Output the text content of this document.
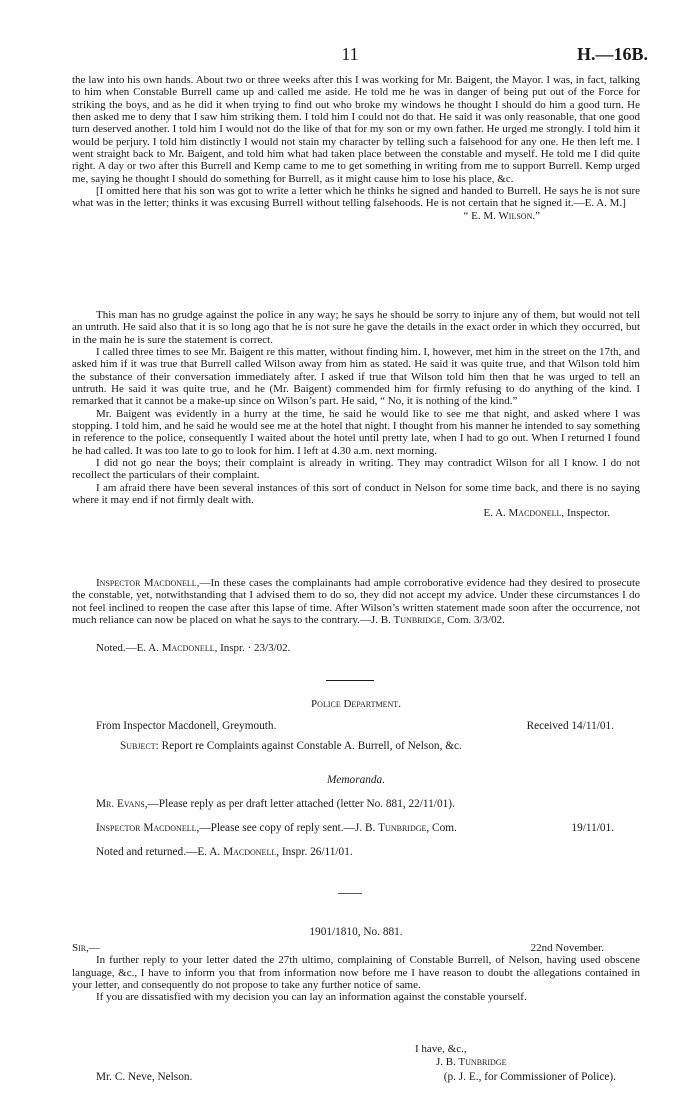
11	H.—16B.

the law into his own hands. About two or three weeks after this I was working for Mr. Baigent, the Mayor. I was, in fact, talking to him when Constable Burrell came up and called me aside. He told me he was in danger of being put out of the Force for striking the boys, and as he did it when trying to find out who broke my windows he thought I should do him a good turn. He then asked me to deny that I saw him striking them. I told him I could not do that. He said it was only reasonable, that one good turn deserved another. I told him I would not do the like of that for my son or my own father. He urged me strongly. I told him it would be perjury. I told him distinctly I would not stain my character by telling such a falsehood for any one. He then left me. I went straight back to Mr. Baigent, and told him what had taken place between the constable and myself. He told me I did quite right. A day or two after this Burrell and Kemp came to me to get something in writing from me to support Burrell. Kemp urged me, saying he thought I should do something for Burrell, as it might cause him to lose his place, &c.

[I omitted here that his son was got to write a letter which he thinks he signed and handed to Burrell. He says he is not sure what was in the letter; thinks it was excusing Burrell without telling falsehoods. He is not certain that he signed it.—E. A. M.]

“ E. M. Wilson.”

This man has no grudge against the police in any way; he says he should be sorry to injure any of them, but would not tell an untruth. He said also that it is so long ago that he is not sure he gave the details in the exact order in which they occurred, but in the main he is sure the statement is correct.

I called three times to see Mr. Baigent re this matter, without finding him. I, however, met him in the street on the 17th, and asked him if it was true that Burrell called Wilson away from him as stated. He said it was quite true, and that Wilson told him the substance of their conversation immediately after. I asked if true that Wilson told him then that he was urged to tell an untruth. He said it was quite true, and he (Mr. Baigent) commended him for firmly refusing to do anything of the kind. I remarked that it cannot be a make-up since on Wilson’s part. He said, “ No, it is nothing of the kind.”

Mr. Baigent was evidently in a hurry at the time, he said he would like to see me that night, and asked where I was stopping. I told him, and he said he would see me at the hotel that night. I thought from his manner he intended to say something in reference to the police, consequently I waited about the hotel until pretty late, when I had to go out. When I returned I found he had called. It was too late to go to look for him. I left at 4.30 a.m. next morning.

I did not go near the boys; their complaint is already in writing. They may contradict Wilson for all I know. I do not recollect the particulars of their complaint.

I am afraid there have been several instances of this sort of conduct in Nelson for some time back, and there is no saying where it may end if not firmly dealt with.

E. A. Macdonell, Inspector.

Inspector Macdonell,—In these cases the complainants had ample corroborative evidence had they desired to prosecute the constable, yet, notwithstanding that I advised them to do so, they did not accept my advice. Under these circumstances I do not feel inclined to reopen the case after this lapse of time. After Wilson’s written statement made soon after the occurrence, not much reliance can now be placed on what he says to the contrary.—J. B. Tunbridge, Com. 3/3/02.

Noted.—E. A. Macdonell, Inspr. · 23/3/02.

Police Department.
From Inspector Macdonell, Greymouth.	Received 14/11/01.
Subject: Report re Complaints against Constable A. Burrell, of Nelson, &c.
Memoranda.
Mr. Evans,—Please reply as per draft letter attached (letter No. 881, 22/11/01).
Inspector Macdonell,—Please see copy of reply sent.—J. B. Tunbridge, Com.	19/11/01.
Noted and returned.—E. A. Macdonell, Inspr. 26/11/01.
1901/1810, No. 881.
Sir,—	22nd November.

In further reply to your letter dated the 27th ultimo, complaining of Constable Burrell, of Nelson, having used obscene language, &c., I have to inform you that from information now before me I have reason to doubt the allegations contained in your letter, and consequently do not propose to take any further notice of same.

If you are dissatisfied with my decision you can lay an information against the constable yourself.

I have, &c.,
J. B. Tunbridge
Mr. C. Neve, Nelson.	(p. J. E., for Commissioner of Police).
